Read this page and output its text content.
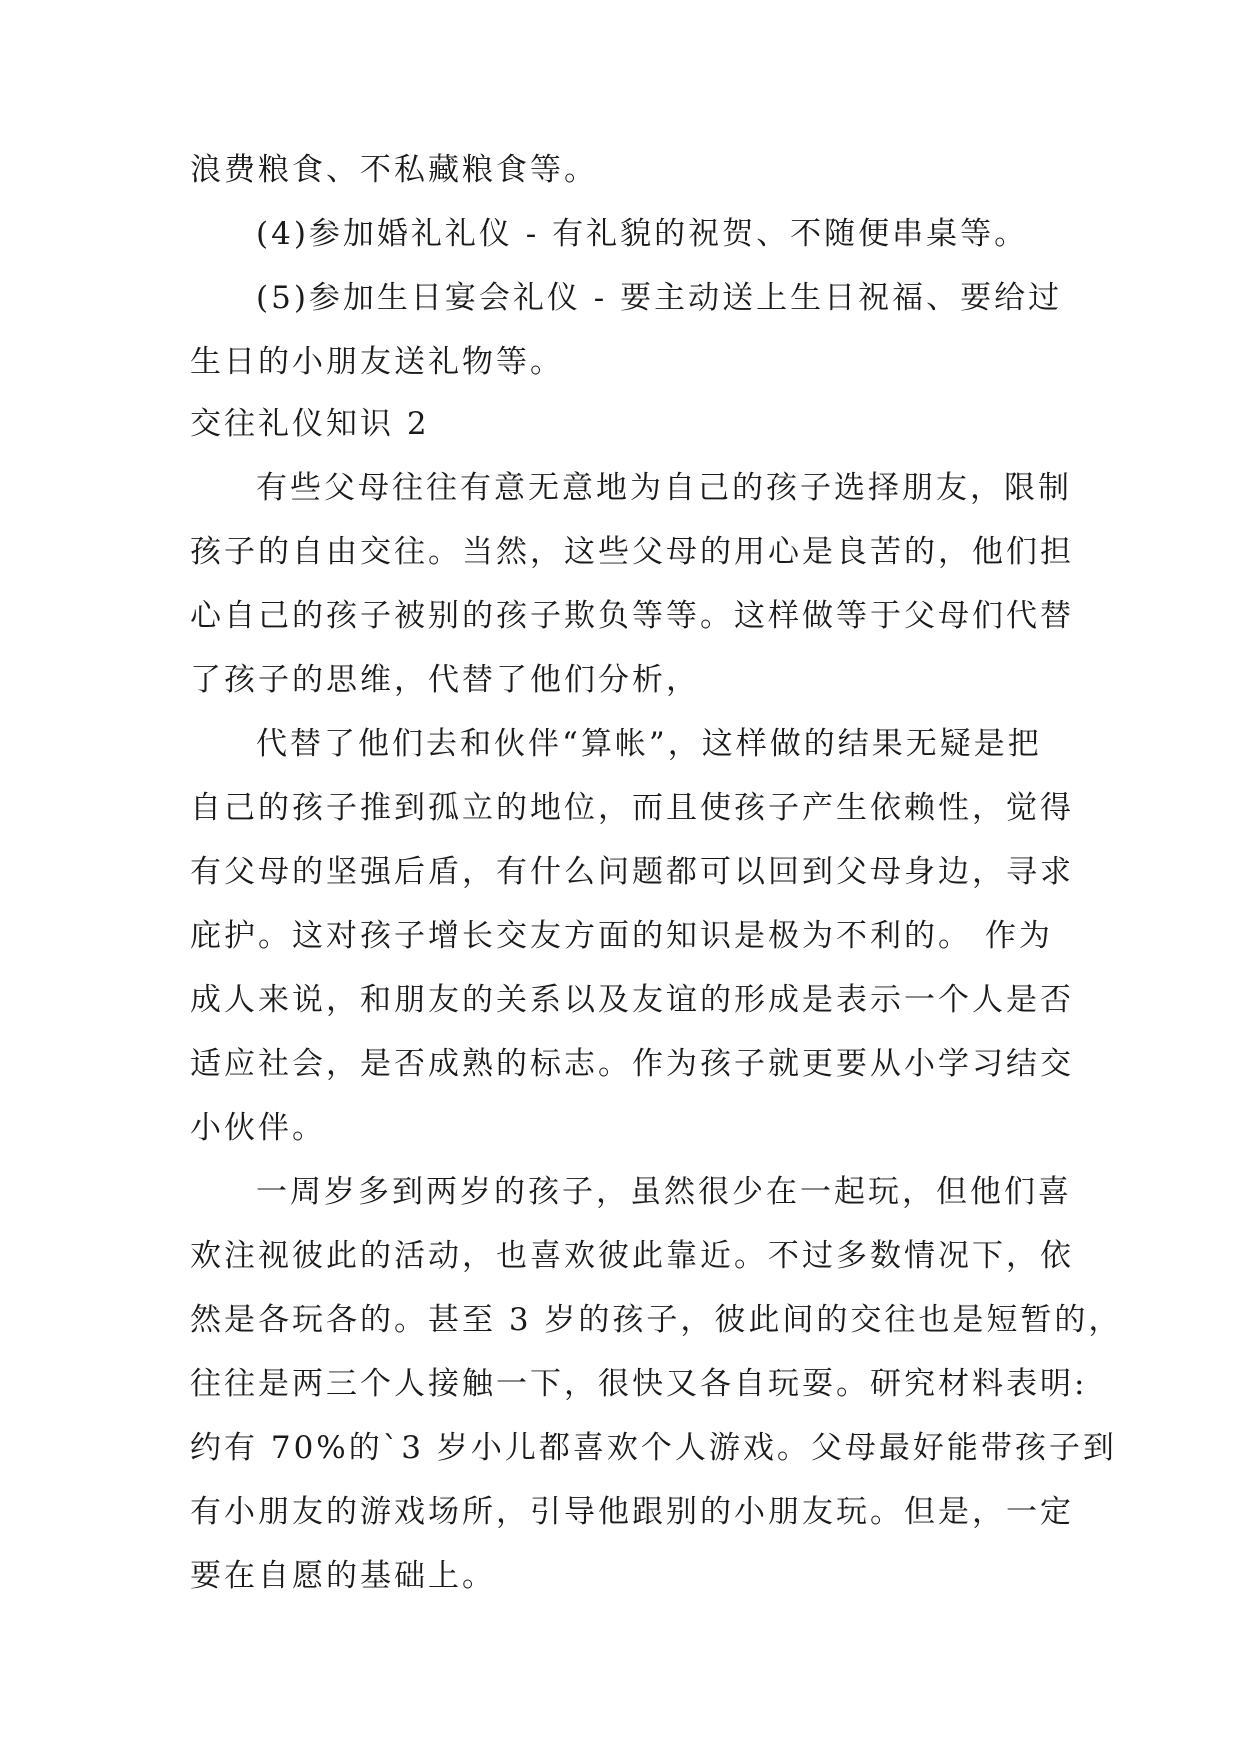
浪费粮食、不私藏粮食等。
(4)参加婚礼礼仪 - 有礼貌的祝贺、不随便串桌等。
(5)参加生日宴会礼仪 - 要主动送上生日祝福、要给过
生日的小朋友送礼物等。
交往礼仪知识 2
有些父母往往有意无意地为自己的孩子选择朋友，限制
孩子的自由交往。当然，这些父母的用心是良苦的，他们担
心自己的孩子被别的孩子欺负等等。这样做等于父母们代替
了孩子的思维，代替了他们分析，
代替了他们去和伙伴“算帐”，这样做的结果无疑是把
自己的孩子推到孤立的地位，而且使孩子产生依赖性，觉得
有父母的坚强后盾，有什么问题都可以回到父母身边，寻求
庇护。这对孩子增长交友方面的知识是极为不利的。 作为
成人来说，和朋友的关系以及友谊的形成是表示一个人是否
适应社会，是否成熟的标志。作为孩子就更要从小学习结交
小伙伴。
一周岁多到两岁的孩子，虽然很少在一起玩，但他们喜
欢注视彼此的活动，也喜欢彼此靠近。不过多数情况下，依
然是各玩各的。甚至 3 岁的孩子，彼此间的交往也是短暂的，
往往是两三个人接触一下，很快又各自玩耍。研究材料表明:
约有 70%的`3 岁小儿都喜欢个人游戏。父母最好能带孩子到
有小朋友的游戏场所，引导他跟别的小朋友玩。但是，一定
要在自愿的基础上。
